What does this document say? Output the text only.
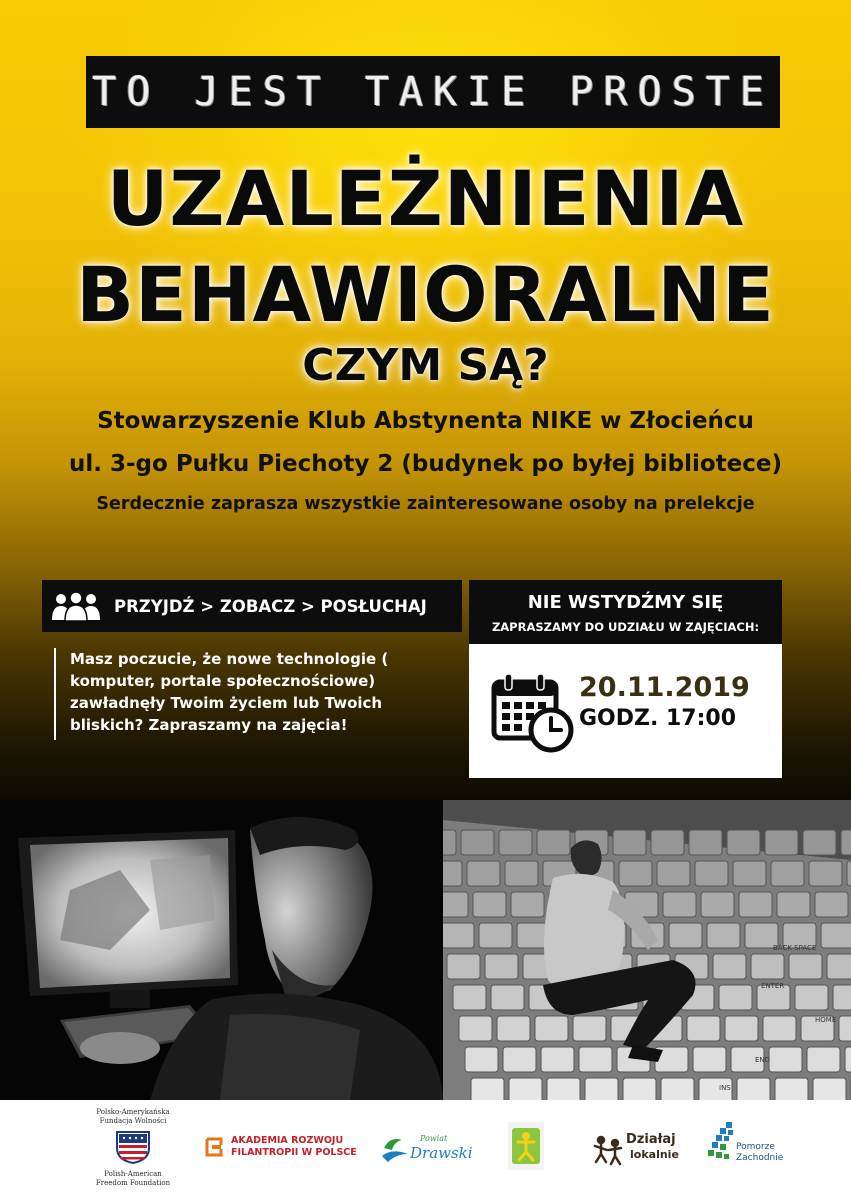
TO JEST TAKIE PROSTE
UZALEŻNIENIA
BEHAWIORALNE
CZYM SĄ?
Stowarzyszenie Klub Abstynenta NIKE w Złocieńcu
ul. 3-go Pułku Piechoty 2 (budynek po byłej bibliotece)
Serdecznie zaprasza wszystkie zainteresowane osoby na prelekcje
PRZYJDŹ > ZOBACZ > POSŁUCHAJ
Masz poczucie, że nowe technologie ( komputer, portale społecznościowe) zawładnęły Twoim życiem lub Twoich bliskich? Zapraszamy na zajęcia!
NIE WSTYDŹMY SIĘ
ZAPRASZAMY DO UDZIAŁU W ZAJĘCIACH:
20.11.2019
GODZ. 17:00
BACK SPACE
ENTER
HOME
END
INS
Polsko-Amerykańska
Fundacja Wolności
Polish-American
Freedom Foundation
AKADEMIA ROZWOJU
FILANTROPII W POLSCE
Powiat
Drawski
Działaj
lokalnie
Pomorze
Zachodnie
